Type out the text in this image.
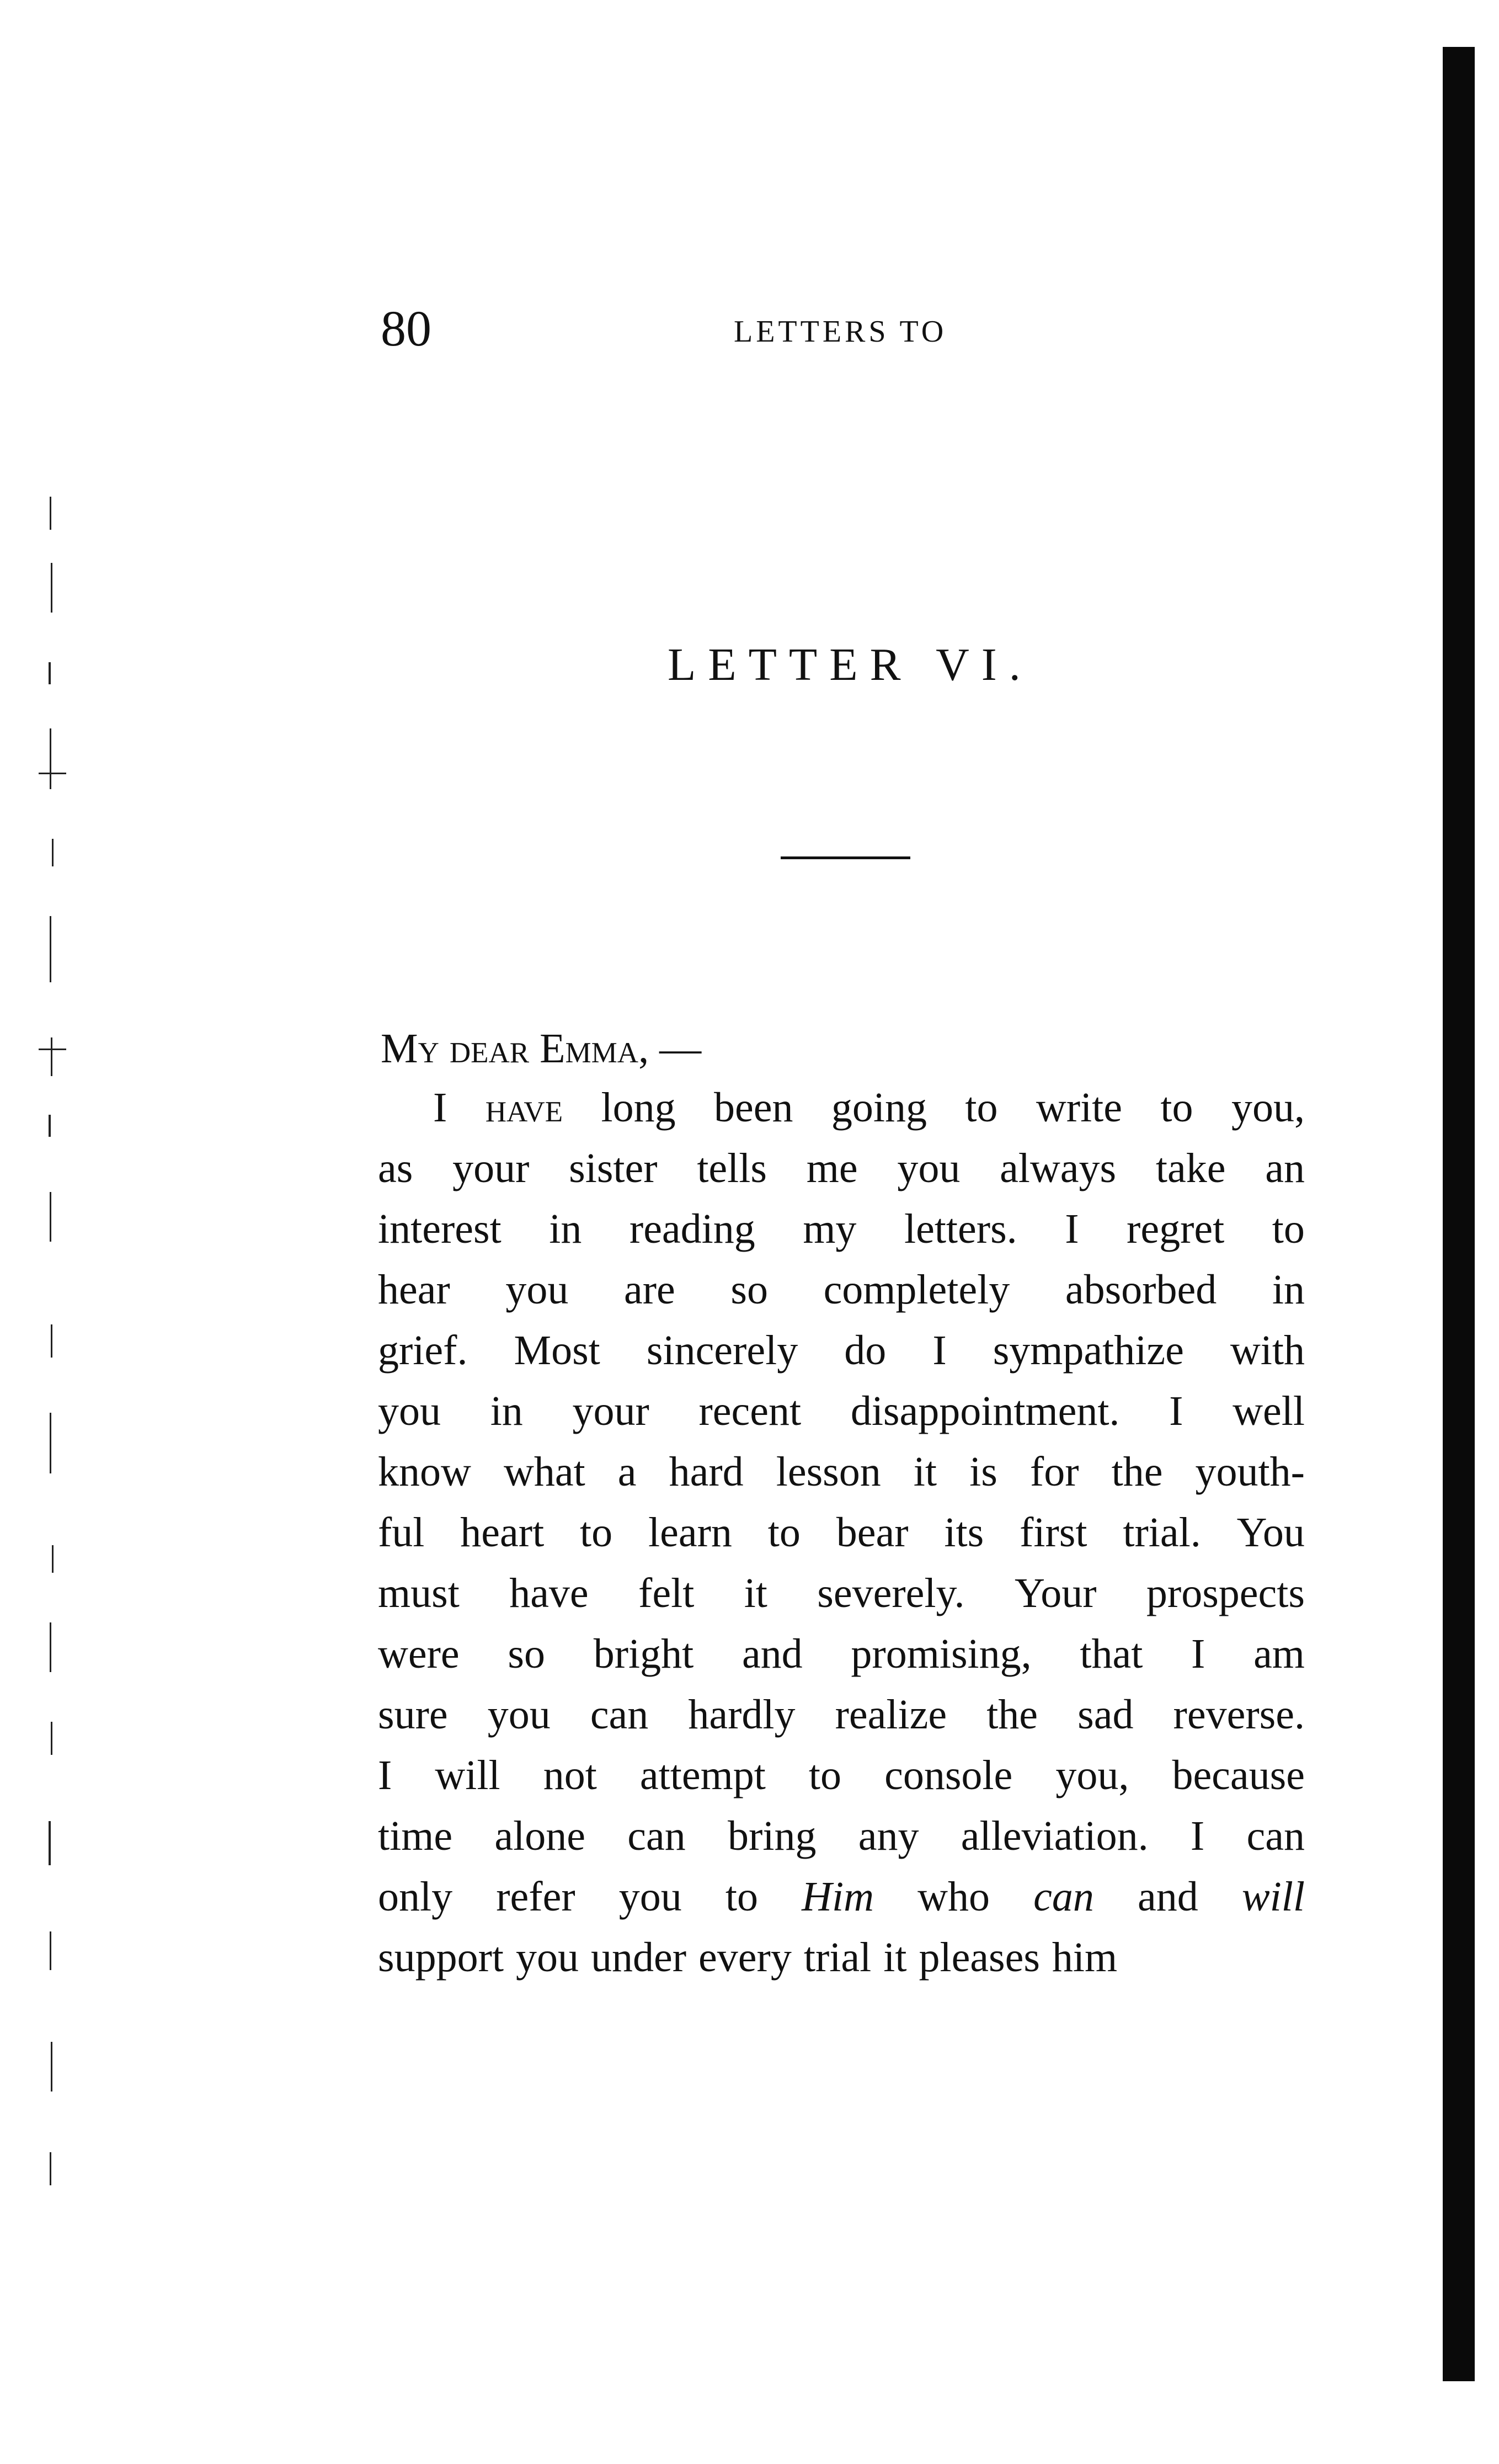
80	LETTERS TO
LETTER VI.
My dear Emma, —
I have long been going to write to you,
as your sister tells me you always take an
interest in reading my letters. I regret to
hear you are so completely absorbed in
grief. Most sincerely do I sympathize with
you in your recent disappointment. I well
know what a hard lesson it is for the youth-
ful heart to learn to bear its first trial. You
must have felt it severely. Your prospects
were so bright and promising, that I am
sure you can hardly realize the sad reverse.
I will not attempt to console you, because
time alone can bring any alleviation. I can
only refer you to Him who can and will
support you under every trial it pleases him
